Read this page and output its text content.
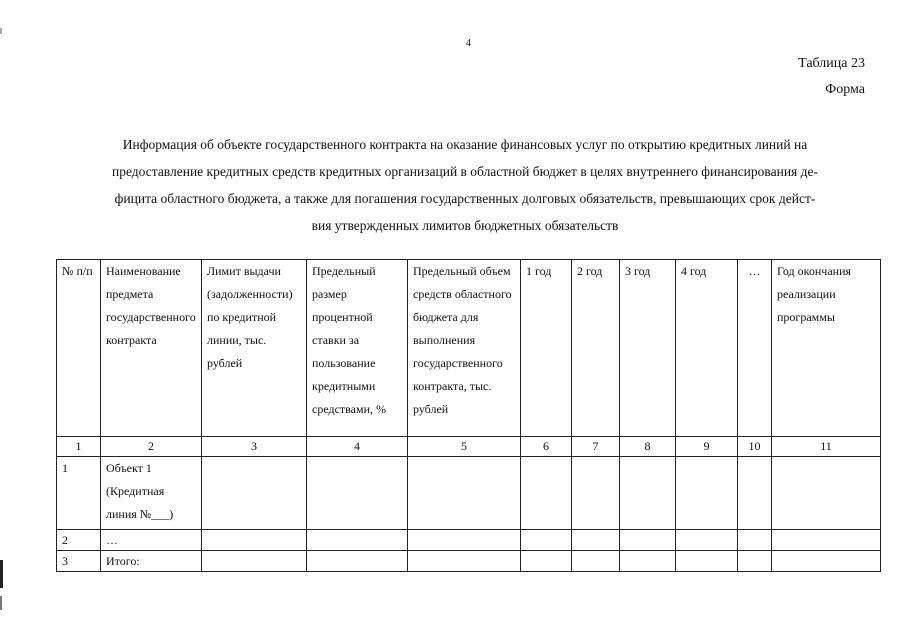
4
Таблица 23
Форма
Информация об объекте государственного контракта на оказание финансовых услуг по открытию кредитных линий на
предоставление кредитных средств кредитных организаций в областной бюджет в целях внутреннего финансирования де-
фицита областного бюджета, а также для погашения государственных долговых обязательств, превышающих срок дейст-
вия утвержденных лимитов бюджетных обязательств
№ п/п	Наименование предмета государственного контракта	Лимит выдачи (задолженности) по кредитной линии, тыс. рублей	Предельный размер процентной ставки за пользование кредитными средствами, %	Предельный объем средств областного бюджета для выполнения государственного контракта, тыс. рублей	1 год	2 год	3 год	4 год	…	Год окончания реализации программы
1	2	3	4	5	6	7	8	9	10	11
1	Объект 1 (Кредитная линия №___)									
2	…									
3	Итого:									
